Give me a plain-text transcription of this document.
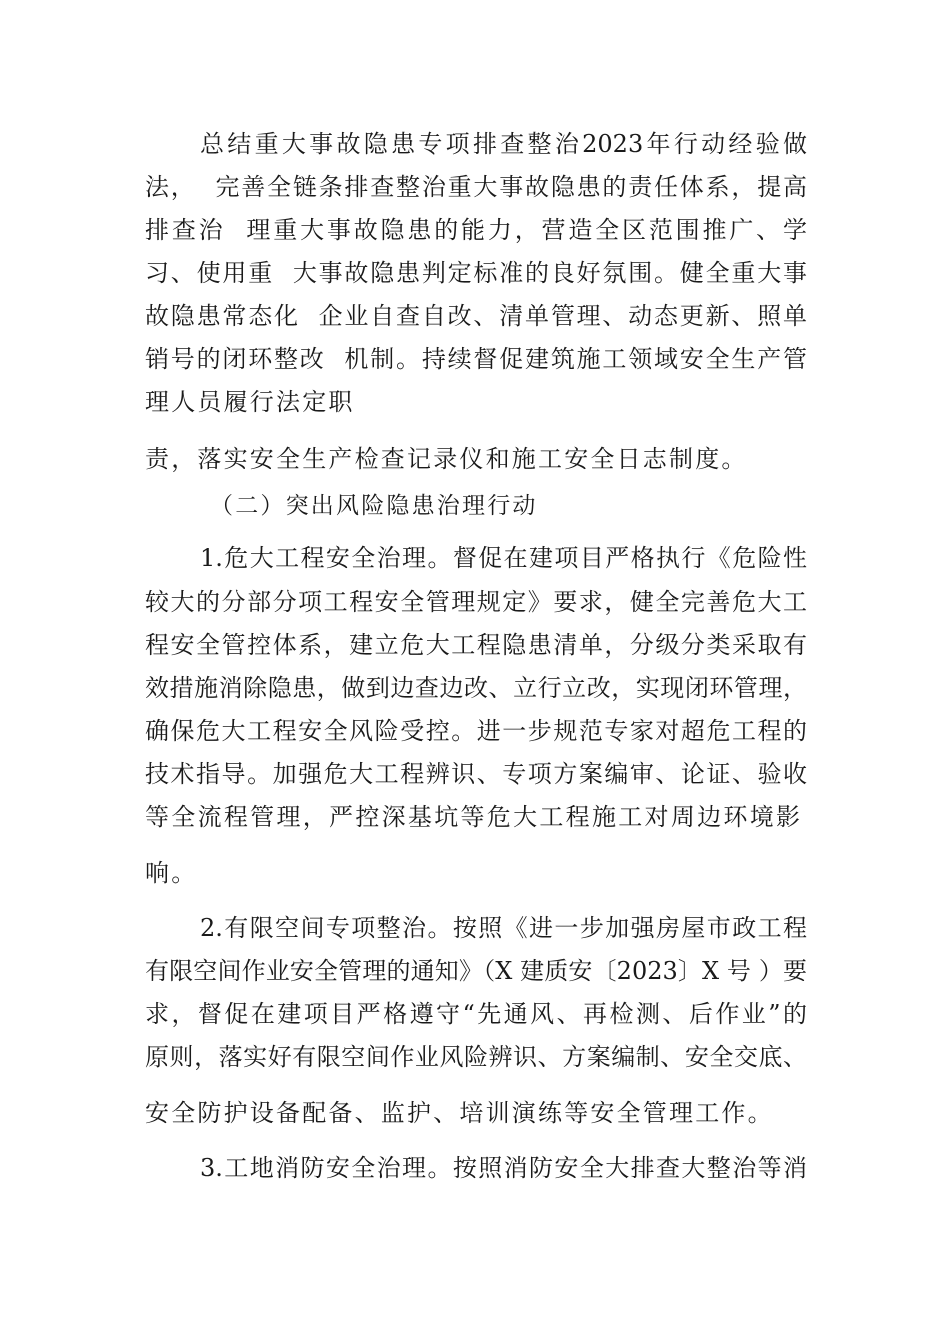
总结重大事故隐患专项排查整治2023年行动经验做
法，  完善全链条排查整治重大事故隐患的责任体系，提高
排查治  理重大事故隐患的能力，营造全区范围推广、学
习、使用重  大事故隐患判定标准的良好氛围。健全重大事
故隐患常态化  企业自查自改、清单管理、动态更新、照单
销号的闭环整改  机制。持续督促建筑施工领域安全生产管
理人员履行法定职
责，落实安全生产检查记录仪和施工安全日志制度。
（二）突出风险隐患治理行动
1.危大工程安全治理。督促在建项目严格执行《危险性
较大的分部分项工程安全管理规定》要求，健全完善危大工
程安全管控体系，建立危大工程隐患清单，分级分类采取有
效措施消除隐患，做到边查边改、立行立改，实现闭环管理，
确保危大工程安全风险受控。进一步规范专家对超危工程的
技术指导。加强危大工程辨识、专项方案编审、论证、验收
等全流程管理，严控深基坑等危大工程施工对周边环境影
响。
2.有限空间专项整治。按照《进一步加强房屋市政工程
有限空间作业安全管理的通知》（X 建质安〔2023〕X 号 ）要
求，督促在建项目严格遵守“先通风、再检测、后作业”的
原则，落实好有限空间作业风险辨识、方案编制、安全交底、
安全防护设备配备、监护、培训演练等安全管理工作。
3.工地消防安全治理。按照消防安全大排查大整治等消
